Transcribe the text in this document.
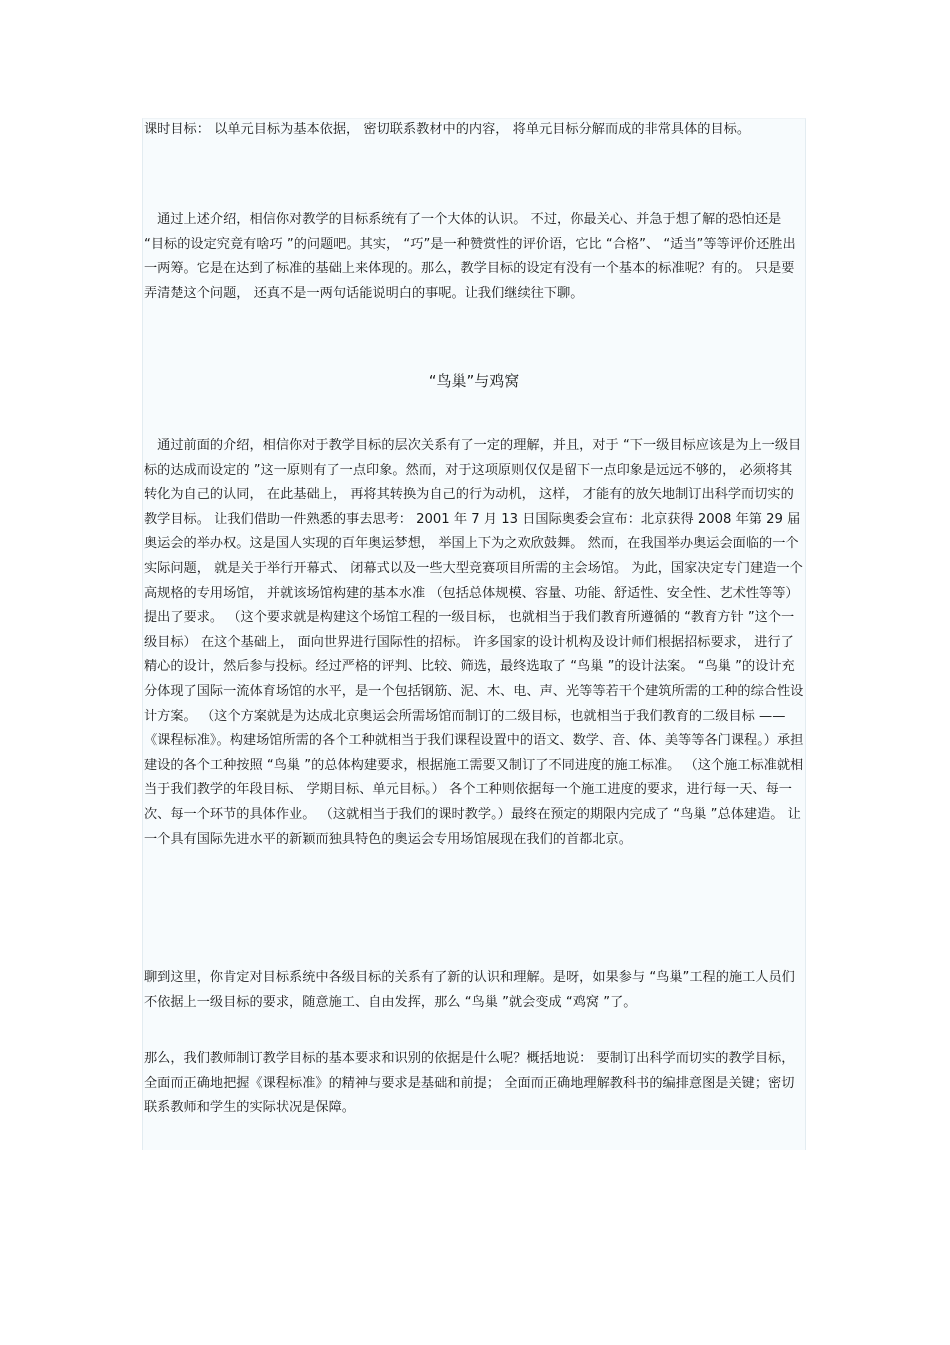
课时目标： 以单元目标为基本依据， 密切联系教材中的内容， 将单元目标分解而成的非常具体的目标。

　通过上述介绍，相信你对教学的目标系统有了一个大体的认识。 不过，你最关心、并急于想了解的恐怕还是 “目标的设定究竟有啥巧 ”的问题吧。其实， “巧”是一种赞赏性的评价语，它比 “合格”、 “适当”等等评价还胜出一两筹。它是在达到了标准的基础上来体现的。那么，教学目标的设定有没有一个基本的标准呢？有的。 只是要弄清楚这个问题， 还真不是一两句话能说明白的事呢。让我们继续往下聊。

“鸟巢”与鸡窝

　通过前面的介绍，相信你对于教学目标的层次关系有了一定的理解，并且，对于 “下一级目标应该是为上一级目标的达成而设定的 ”这一原则有了一点印象。然而，对于这项原则仅仅是留下一点印象是远远不够的， 必须将其转化为自己的认同， 在此基础上， 再将其转换为自己的行为动机， 这样， 才能有的放矢地制订出科学而切实的教学目标。 让我们借助一件熟悉的事去思考： 2001 年 7 月 13 日国际奥委会宣布：北京获得 2008 年第 29 届奥运会的举办权。这是国人实现的百年奥运梦想， 举国上下为之欢欣鼓舞。 然而，在我国举办奥运会面临的一个实际问题， 就是关于举行开幕式、 闭幕式以及一些大型竞赛项目所需的主会场馆。 为此，国家决定专门建造一个高规格的专用场馆， 并就该场馆构建的基本水准 （包括总体规模、容量、功能、舒适性、安全性、艺术性等等）提出了要求。 （这个要求就是构建这个场馆工程的一级目标， 也就相当于我们教育所遵循的 “教育方针 ”这个一级目标） 在这个基础上， 面向世界进行国际性的招标。 许多国家的设计机构及设计师们根据招标要求， 进行了精心的设计，然后参与投标。经过严格的评判、比较、筛选，最终选取了 “鸟巢 ”的设计法案。 “鸟巢 ”的设计充分体现了国际一流体育场馆的水平，是一个包括钢筋、泥、木、电、声、光等等若干个建筑所需的工种的综合性设计方案。 （这个方案就是为达成北京奥运会所需场馆而制订的二级目标，也就相当于我们教育的二级目标 ——《课程标准》。构建场馆所需的各个工种就相当于我们课程设置中的语文、数学、音、体、美等等各门课程。）承担建设的各个工种按照 “鸟巢 ”的总体构建要求，根据施工需要又制订了不同进度的施工标准。 （这个施工标准就相当于我们教学的年段目标、 学期目标、单元目标。） 各个工种则依据每一个施工进度的要求，进行每一天、每一次、每一个环节的具体作业。 （这就相当于我们的课时教学。）最终在预定的期限内完成了 “鸟巢 ”总体建造。 让一个具有国际先进水平的新颖而独具特色的奥运会专用场馆展现在我们的首都北京。

聊到这里，你肯定对目标系统中各级目标的关系有了新的认识和理解。是呀，如果参与 “鸟巢”工程的施工人员们不依据上一级目标的要求，随意施工、自由发挥，那么 “鸟巢 ”就会变成 “鸡窝 ”了。

那么，我们教师制订教学目标的基本要求和识别的依据是什么呢？概括地说： 要制订出科学而切实的教学目标， 全面而正确地把握《课程标准》的精神与要求是基础和前提； 全面而正确地理解教科书的编排意图是关键；密切联系教师和学生的实际状况是保障。
